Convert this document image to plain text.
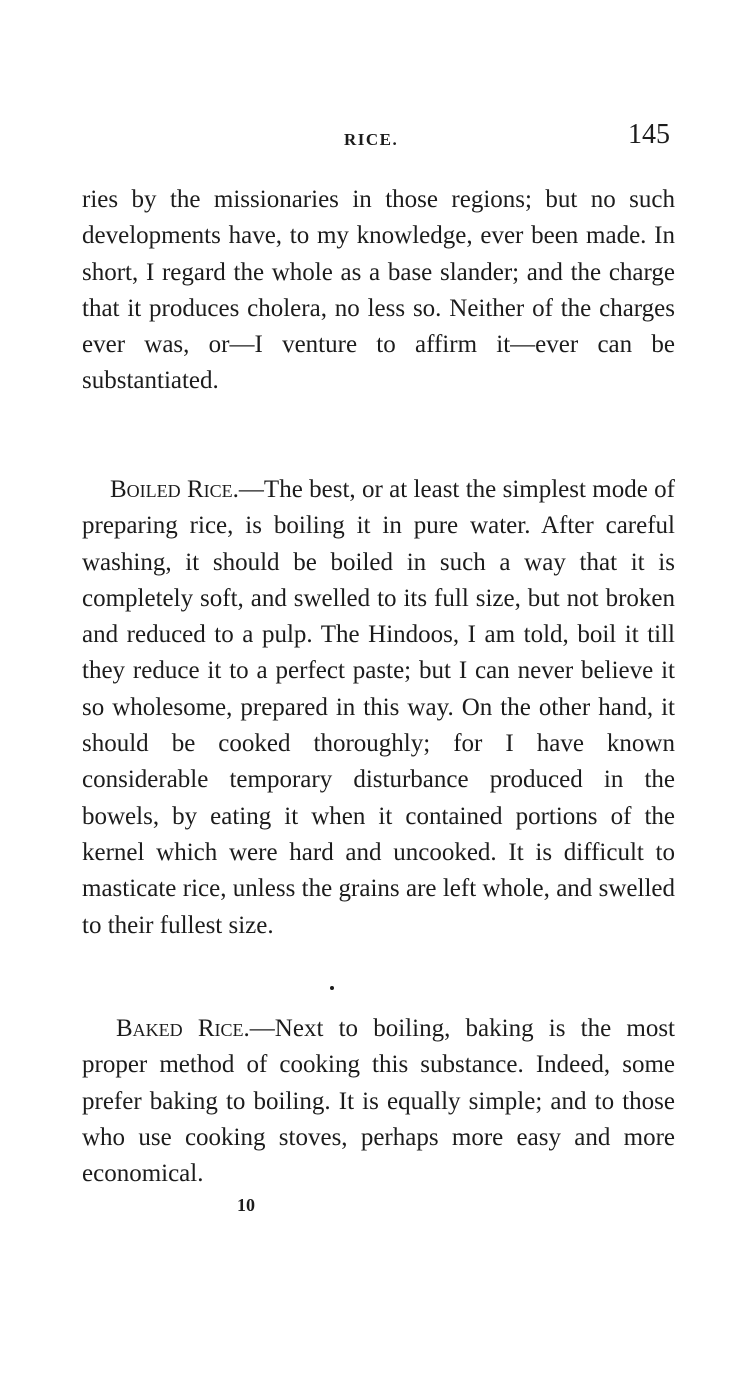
RICE.	145
ries by the missionaries in those regions; but no such developments have, to my knowledge, ever been made. In short, I regard the whole as a base slander; and the charge that it produces cholera, no less so. Neither of the charges ever was, or—I venture to affirm it—ever can be substantiated.
Boiled Rice.—The best, or at least the simplest mode of preparing rice, is boiling it in pure water. After careful washing, it should be boiled in such a way that it is completely soft, and swelled to its full size, but not broken and reduced to a pulp. The Hindoos, I am told, boil it till they reduce it to a perfect paste; but I can never believe it so wholesome, prepared in this way. On the other hand, it should be cooked thoroughly; for I have known considerable temporary disturbance produced in the bowels, by eating it when it contained portions of the kernel which were hard and uncooked. It is difficult to masticate rice, unless the grains are left whole, and swelled to their fullest size.
Baked Rice.—Next to boiling, baking is the most proper method of cooking this substance. Indeed, some prefer baking to boiling. It is equally simple; and to those who use cooking stoves, perhaps more easy and more economical.
10
